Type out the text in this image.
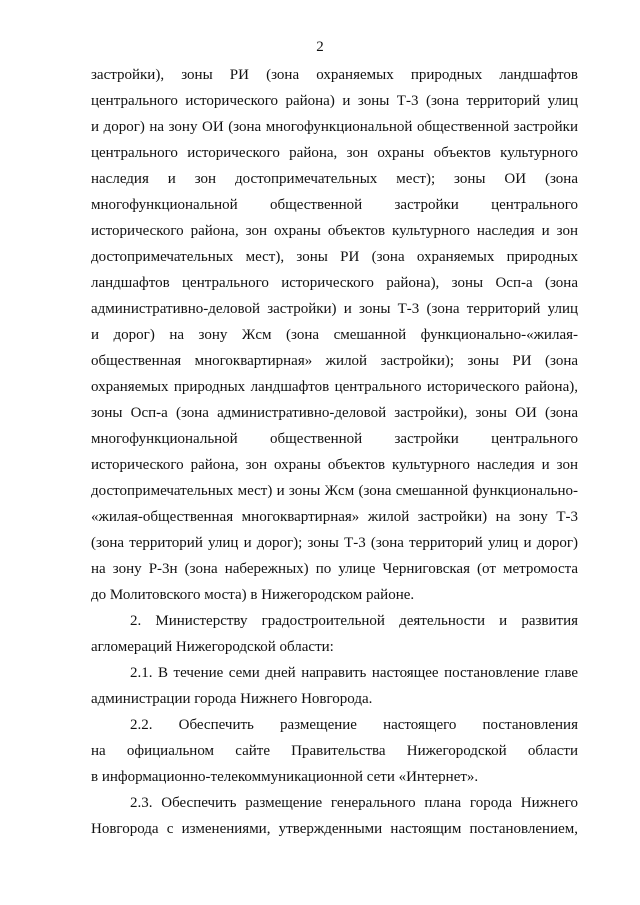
2
застройки), зоны РИ (зона охраняемых природных ландшафтов
центрального исторического района) и зоны Т-3 (зона территорий улиц
и дорог) на зону ОИ (зона многофункциональной общественной застройки
центрального исторического района, зон охраны объектов культурного
наследия и зон достопримечательных мест); зоны ОИ (зона
многофункциональной общественной застройки центрального
исторического района, зон охраны объектов культурного наследия и зон
достопримечательных мест), зоны РИ (зона охраняемых природных
ландшафтов центрального исторического района), зоны Осп-а (зона
административно-деловой застройки) и зоны Т-3 (зона территорий улиц
и дорог) на зону Жсм (зона смешанной функционально-«жилая-
общественная многоквартирная» жилой застройки); зоны РИ (зона
охраняемых природных ландшафтов центрального исторического района),
зоны Осп-а (зона административно-деловой застройки), зоны ОИ (зона
многофункциональной общественной застройки центрального
исторического района, зон охраны объектов культурного наследия и зон
достопримечательных мест) и зоны Жсм (зона смешанной функционально-
«жилая-общественная многоквартирная» жилой застройки) на зону Т-3
(зона территорий улиц и дорог); зоны Т-3 (зона территорий улиц и дорог)
на зону Р-3н (зона набережных) по улице Черниговская (от метромоста
до Молитовского моста) в Нижегородском районе.
2. Министерству градостроительной деятельности и развития
агломераций Нижегородской области:
2.1. В течение семи дней направить настоящее постановление главе
администрации города Нижнего Новгорода.
2.2. Обеспечить размещение настоящего постановления
на официальном сайте Правительства Нижегородской области
в информационно-телекоммуникационной сети «Интернет».
2.3. Обеспечить размещение генерального плана города Нижнего
Новгорода с изменениями, утвержденными настоящим постановлением,
